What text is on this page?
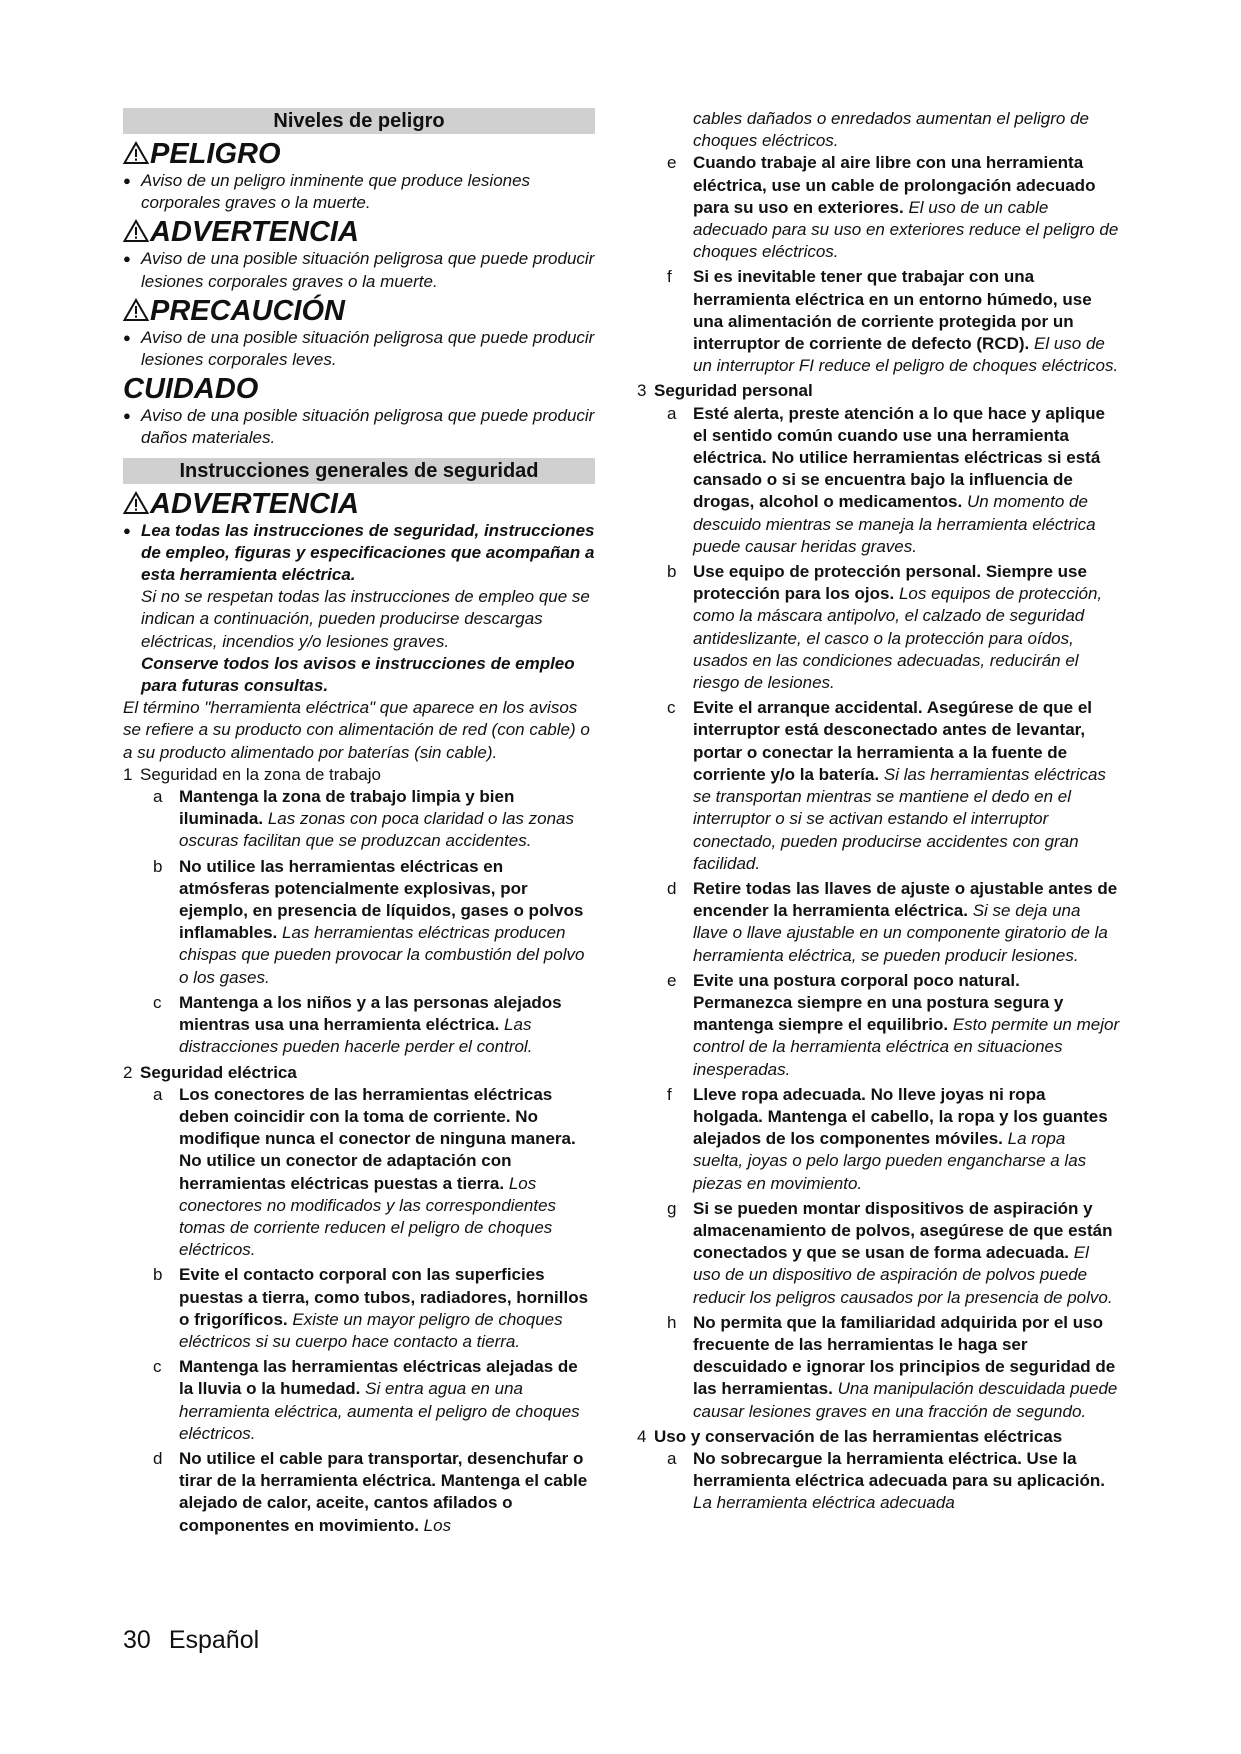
Niveles de peligro
PELIGRO

● Aviso de un peligro inminente que produce lesiones corporales graves o la muerte.

ADVERTENCIA

● Aviso de una posible situación peligrosa que puede producir lesiones corporales graves o la muerte.

PRECAUCIÓN

● Aviso de una posible situación peligrosa que puede producir lesiones corporales leves.

CUIDADO

● Aviso de una posible situación peligrosa que puede producir daños materiales.

Instrucciones generales de seguridad
ADVERTENCIA
● Lea todas las instrucciones de seguridad, instrucciones de empleo, figuras y especificaciones que acompañan a esta herramienta eléctrica.
Si no se respetan todas las instrucciones de empleo que se indican a continuación, pueden producirse descargas eléctricas, incendios y/o lesiones graves.
Conserve todos los avisos e instrucciones de empleo para futuras consultas.
El término "herramienta eléctrica" que aparece en los avisos se refiere a su producto con alimentación de red (con cable) o a su producto alimentado por baterías (sin cable).
1 Seguridad en la zona de trabajo
a Mantenga la zona de trabajo limpia y bien iluminada. Las zonas con poca claridad o las zonas oscuras facilitan que se produzcan accidentes.
b No utilice las herramientas eléctricas en atmósferas potencialmente explosivas, por ejemplo, en presencia de líquidos, gases o polvos inflamables. Las herramientas eléctricas producen chispas que pueden provocar la combustión del polvo o los gases.
c Mantenga a los niños y a las personas alejados mientras usa una herramienta eléctrica. Las distracciones pueden hacerle perder el control.
2 Seguridad eléctrica
a Los conectores de las herramientas eléctricas deben coincidir con la toma de corriente. No modifique nunca el conector de ninguna manera. No utilice un conector de adaptación con herramientas eléctricas puestas a tierra. Los conectores no modificados y las correspondientes tomas de corriente reducen el peligro de choques eléctricos.
b Evite el contacto corporal con las superficies puestas a tierra, como tubos, radiadores, hornillos o frigoríficos. Existe un mayor peligro de choques eléctricos si su cuerpo hace contacto a tierra.
c Mantenga las herramientas eléctricas alejadas de la lluvia o la humedad. Si entra agua en una herramienta eléctrica, aumenta el peligro de choques eléctricos.
d No utilice el cable para transportar, desenchufar o tirar de la herramienta eléctrica. Mantenga el cable alejado de calor, aceite, cantos afilados o componentes en movimiento. Los
cables dañados o enredados aumentan el peligro de choques eléctricos.
e Cuando trabaje al aire libre con una herramienta eléctrica, use un cable de prolongación adecuado para su uso en exteriores. El uso de un cable adecuado para su uso en exteriores reduce el peligro de choques eléctricos.
f Si es inevitable tener que trabajar con una herramienta eléctrica en un entorno húmedo, use una alimentación de corriente protegida por un interruptor de corriente de defecto (RCD). El uso de un interruptor FI reduce el peligro de choques eléctricos.
3 Seguridad personal
a Esté alerta, preste atención a lo que hace y aplique el sentido común cuando use una herramienta eléctrica. No utilice herramientas eléctricas si está cansado o si se encuentra bajo la influencia de drogas, alcohol o medicamentos. Un momento de descuido mientras se maneja la herramienta eléctrica puede causar heridas graves.
b Use equipo de protección personal. Siempre use protección para los ojos. Los equipos de protección, como la máscara antipolvo, el calzado de seguridad antideslizante, el casco o la protección para oídos, usados en las condiciones adecuadas, reducirán el riesgo de lesiones.
c Evite el arranque accidental. Asegúrese de que el interruptor está desconectado antes de levantar, portar o conectar la herramienta a la fuente de corriente y/o la batería. Si las herramientas eléctricas se transportan mientras se mantiene el dedo en el interruptor o si se activan estando el interruptor conectado, pueden producirse accidentes con gran facilidad.
d Retire todas las llaves de ajuste o ajustable antes de encender la herramienta eléctrica. Si se deja una llave o llave ajustable en un componente giratorio de la herramienta eléctrica, se pueden producir lesiones.
e Evite una postura corporal poco natural. Permanezca siempre en una postura segura y mantenga siempre el equilibrio. Esto permite un mejor control de la herramienta eléctrica en situaciones inesperadas.
f Lleve ropa adecuada. No lleve joyas ni ropa holgada. Mantenga el cabello, la ropa y los guantes alejados de los componentes móviles. La ropa suelta, joyas o pelo largo pueden engancharse a las piezas en movimiento.
g Si se pueden montar dispositivos de aspiración y almacenamiento de polvos, asegúrese de que están conectados y que se usan de forma adecuada. El uso de un dispositivo de aspiración de polvos puede reducir los peligros causados por la presencia de polvo.
h No permita que la familiaridad adquirida por el uso frecuente de las herramientas le haga ser descuidado e ignorar los principios de seguridad de las herramientas. Una manipulación descuidada puede causar lesiones graves en una fracción de segundo.
4 Uso y conservación de las herramientas eléctricas
a No sobrecargue la herramienta eléctrica. Use la herramienta eléctrica adecuada para su aplicación. La herramienta eléctrica adecuada
30 Español
